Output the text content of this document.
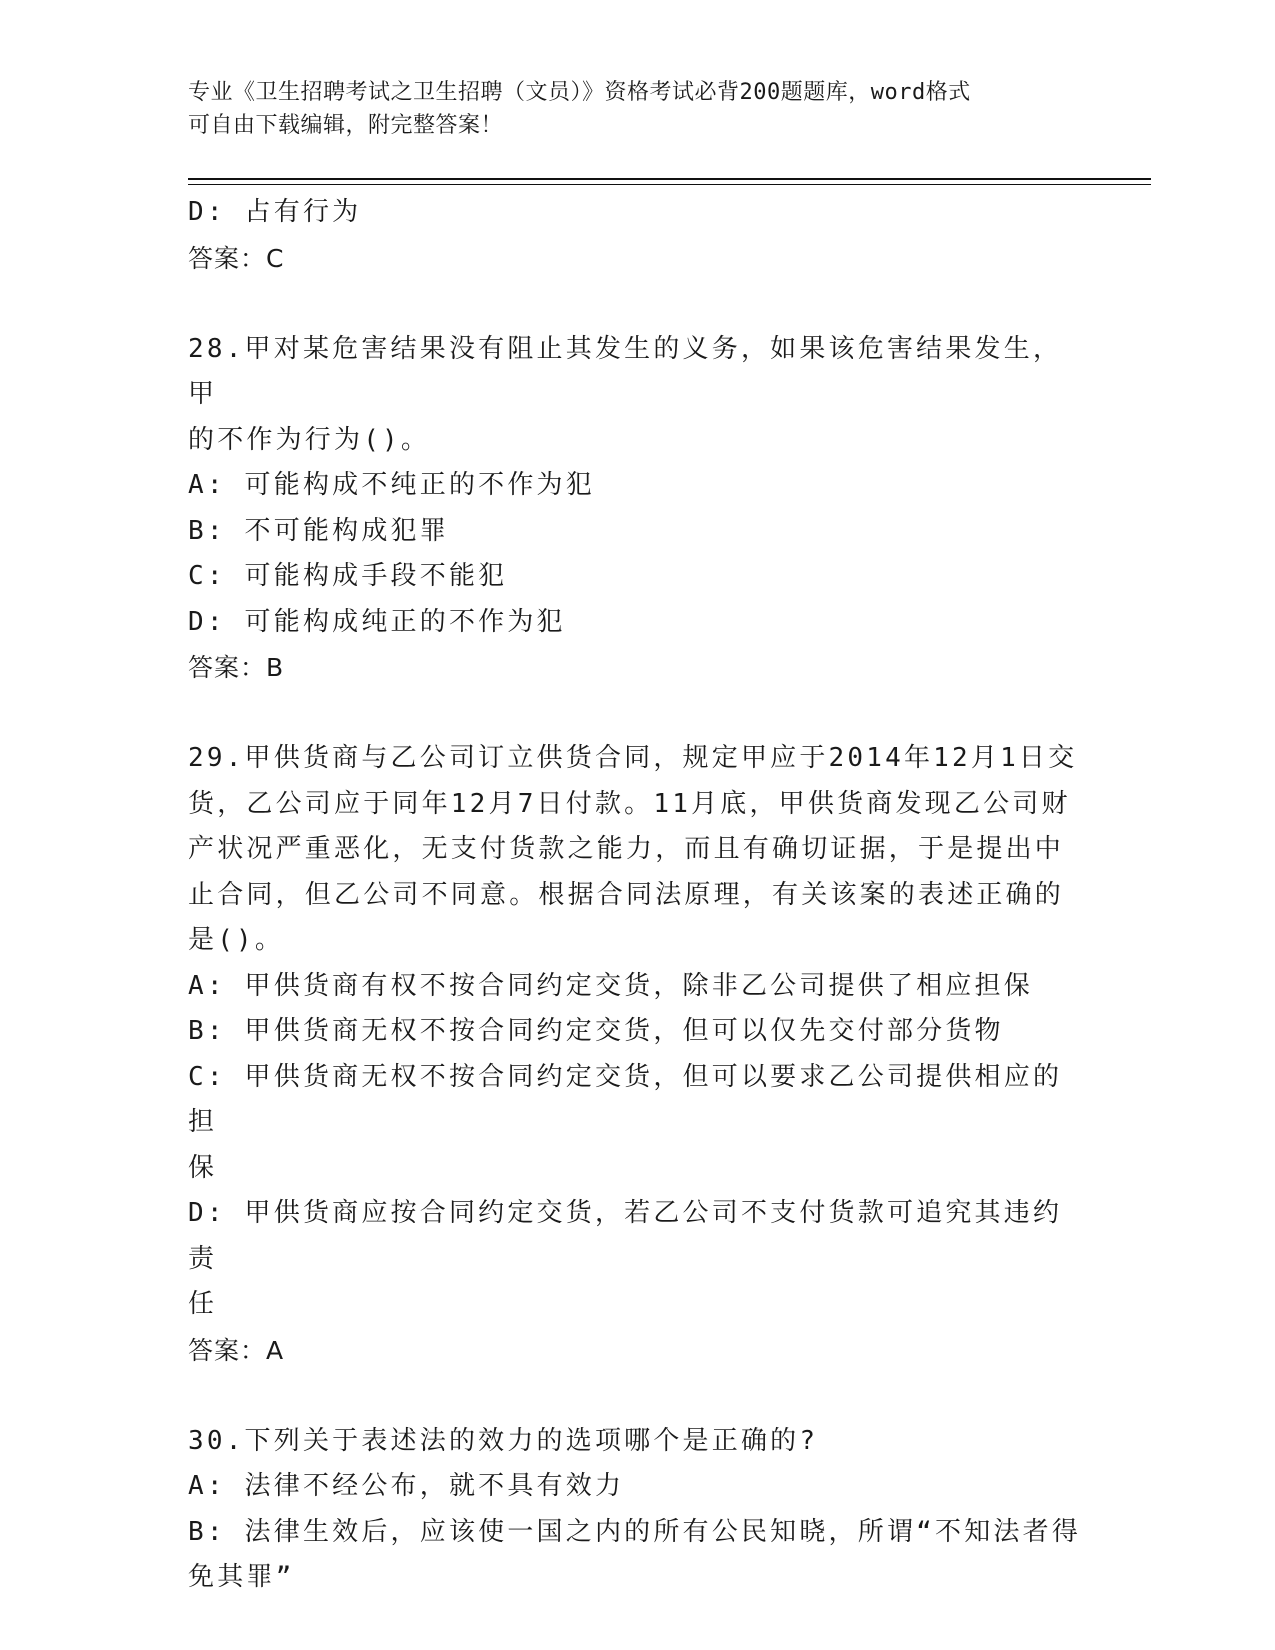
专业《卫生招聘考试之卫生招聘（文员）》资格考试必背200题题库，word格式
可自由下载编辑，附完整答案！
D: 占有行为
答案：C
28.甲对某危害结果没有阻止其发生的义务，如果该危害结果发生，甲
的不作为行为()。
A: 可能构成不纯正的不作为犯
B: 不可能构成犯罪
C: 可能构成手段不能犯
D: 可能构成纯正的不作为犯
答案：B
29.甲供货商与乙公司订立供货合同，规定甲应于2014年12月1日交
货，乙公司应于同年12月7日付款。11月底，甲供货商发现乙公司财
产状况严重恶化，无支付货款之能力，而且有确切证据，于是提出中
止合同，但乙公司不同意。根据合同法原理，有关该案的表述正确的
是()。
A: 甲供货商有权不按合同约定交货，除非乙公司提供了相应担保
B: 甲供货商无权不按合同约定交货，但可以仅先交付部分货物
C: 甲供货商无权不按合同约定交货，但可以要求乙公司提供相应的担
保
D: 甲供货商应按合同约定交货，若乙公司不支付货款可追究其违约责
任
答案：A
30.下列关于表述法的效力的选项哪个是正确的?
A: 法律不经公布，就不具有效力
B: 法律生效后，应该使一国之内的所有公民知晓，所谓“不知法者得
免其罪”
